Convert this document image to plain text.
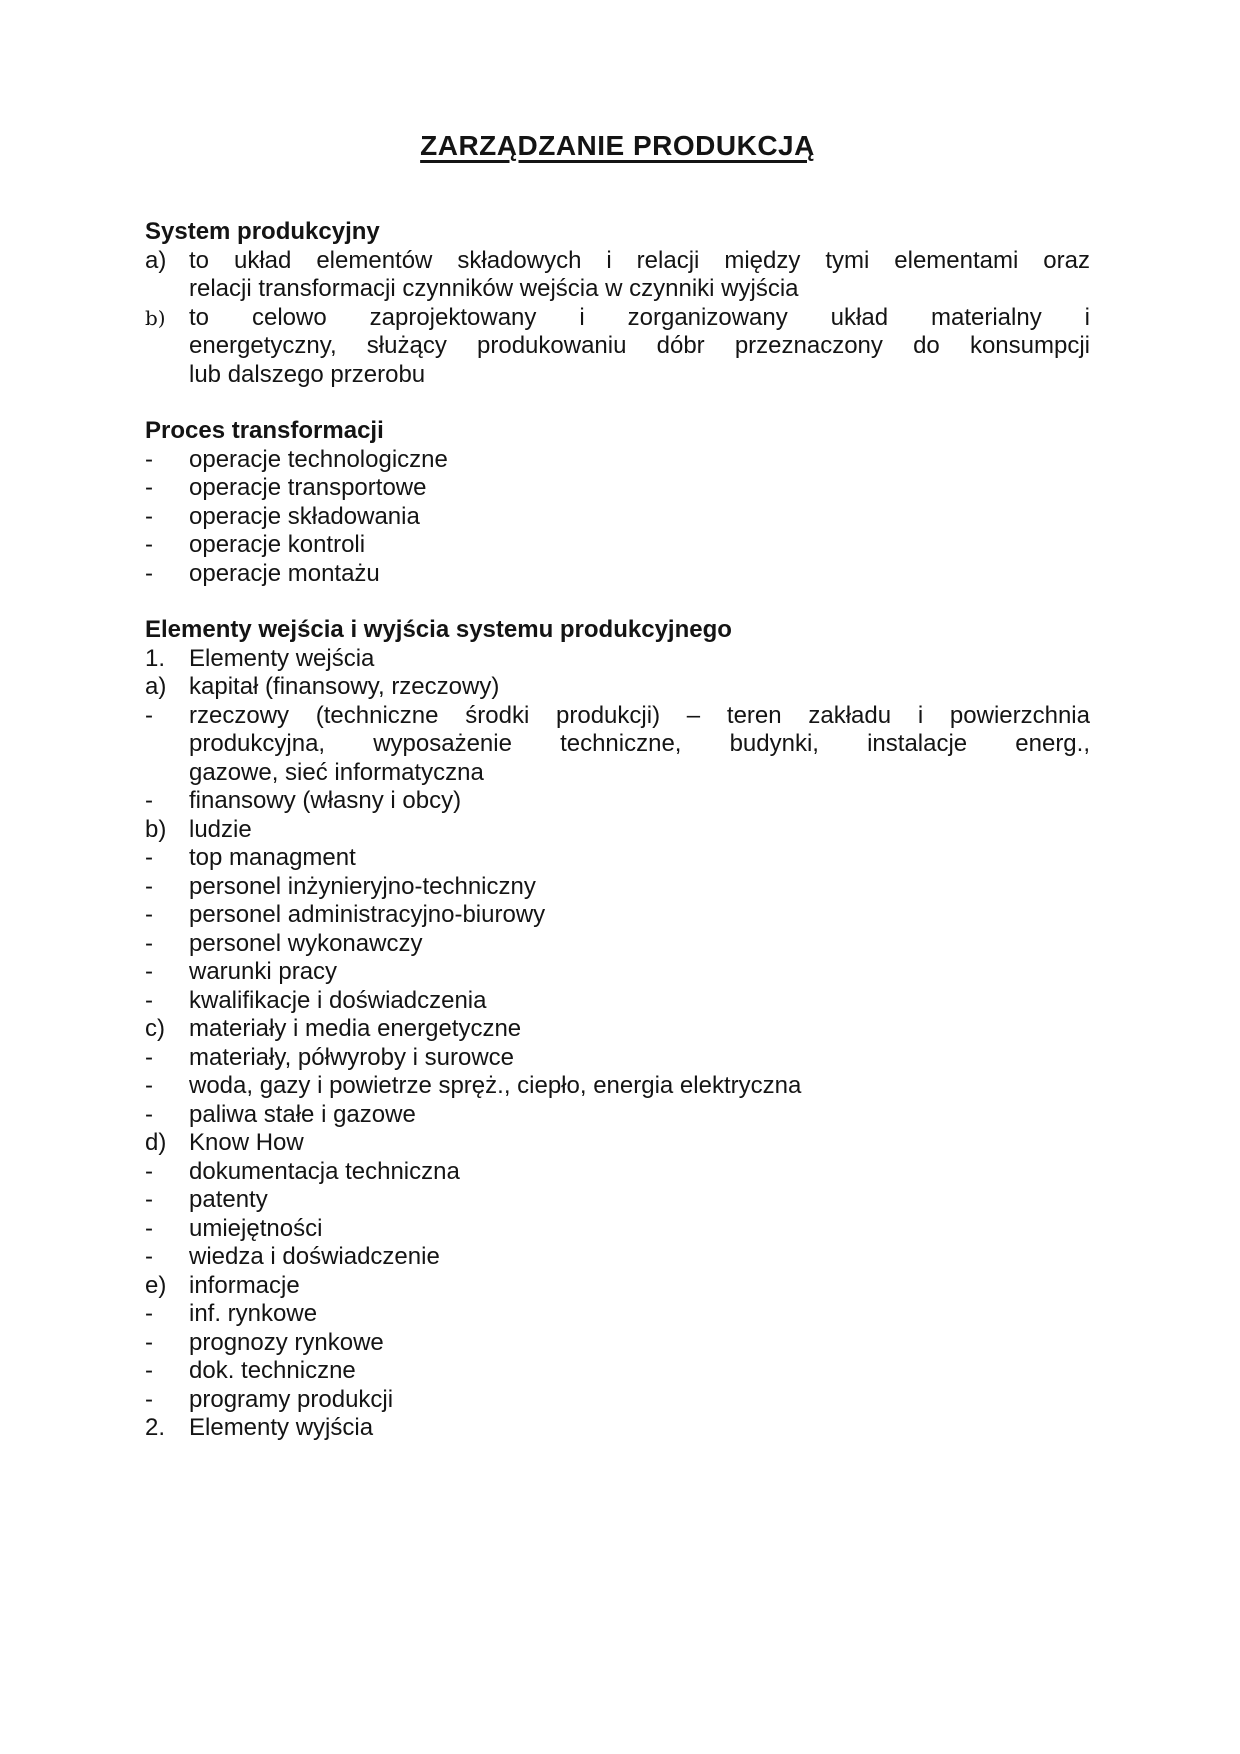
ZARZĄDZANIE PRODUKCJĄ
System produkcyjny
a) to układ elementów składowych i relacji między tymi elementami oraz
relacji transformacji czynników wejścia w czynniki wyjścia
b) to celowo zaprojektowany i zorganizowany układ materialny i
energetyczny, służący produkowaniu dóbr przeznaczony do konsumpcji
lub dalszego przerobu
Proces transformacji
-	operacje technologiczne
-	operacje transportowe
-	operacje składowania
-	operacje kontroli
-	operacje montażu
Elementy wejścia i wyjścia systemu produkcyjnego
1. Elementy wejścia
a) kapitał (finansowy, rzeczowy)
-	rzeczowy (techniczne środki produkcji) – teren zakładu i powierzchnia
produkcyjna, wyposażenie techniczne, budynki, instalacje energ.,
gazowe, sieć informatyczna
-	finansowy (własny i obcy)
b) ludzie
-	top managment
-	personel inżynieryjno-techniczny
-	personel administracyjno-biurowy
-	personel wykonawczy
-	warunki pracy
-	kwalifikacje i doświadczenia
c)	materiały i media energetyczne
-	materiały, półwyroby i surowce
-	woda, gazy i powietrze spręż., ciepło, energia elektryczna
-	paliwa stałe i gazowe
d) Know How
-	dokumentacja techniczna
-	patenty
-	umiejętności
-	wiedza i doświadczenie
e) informacje
-	inf. rynkowe
-	prognozy rynkowe
-	dok. techniczne
-	programy produkcji
2. Elementy wyjścia
